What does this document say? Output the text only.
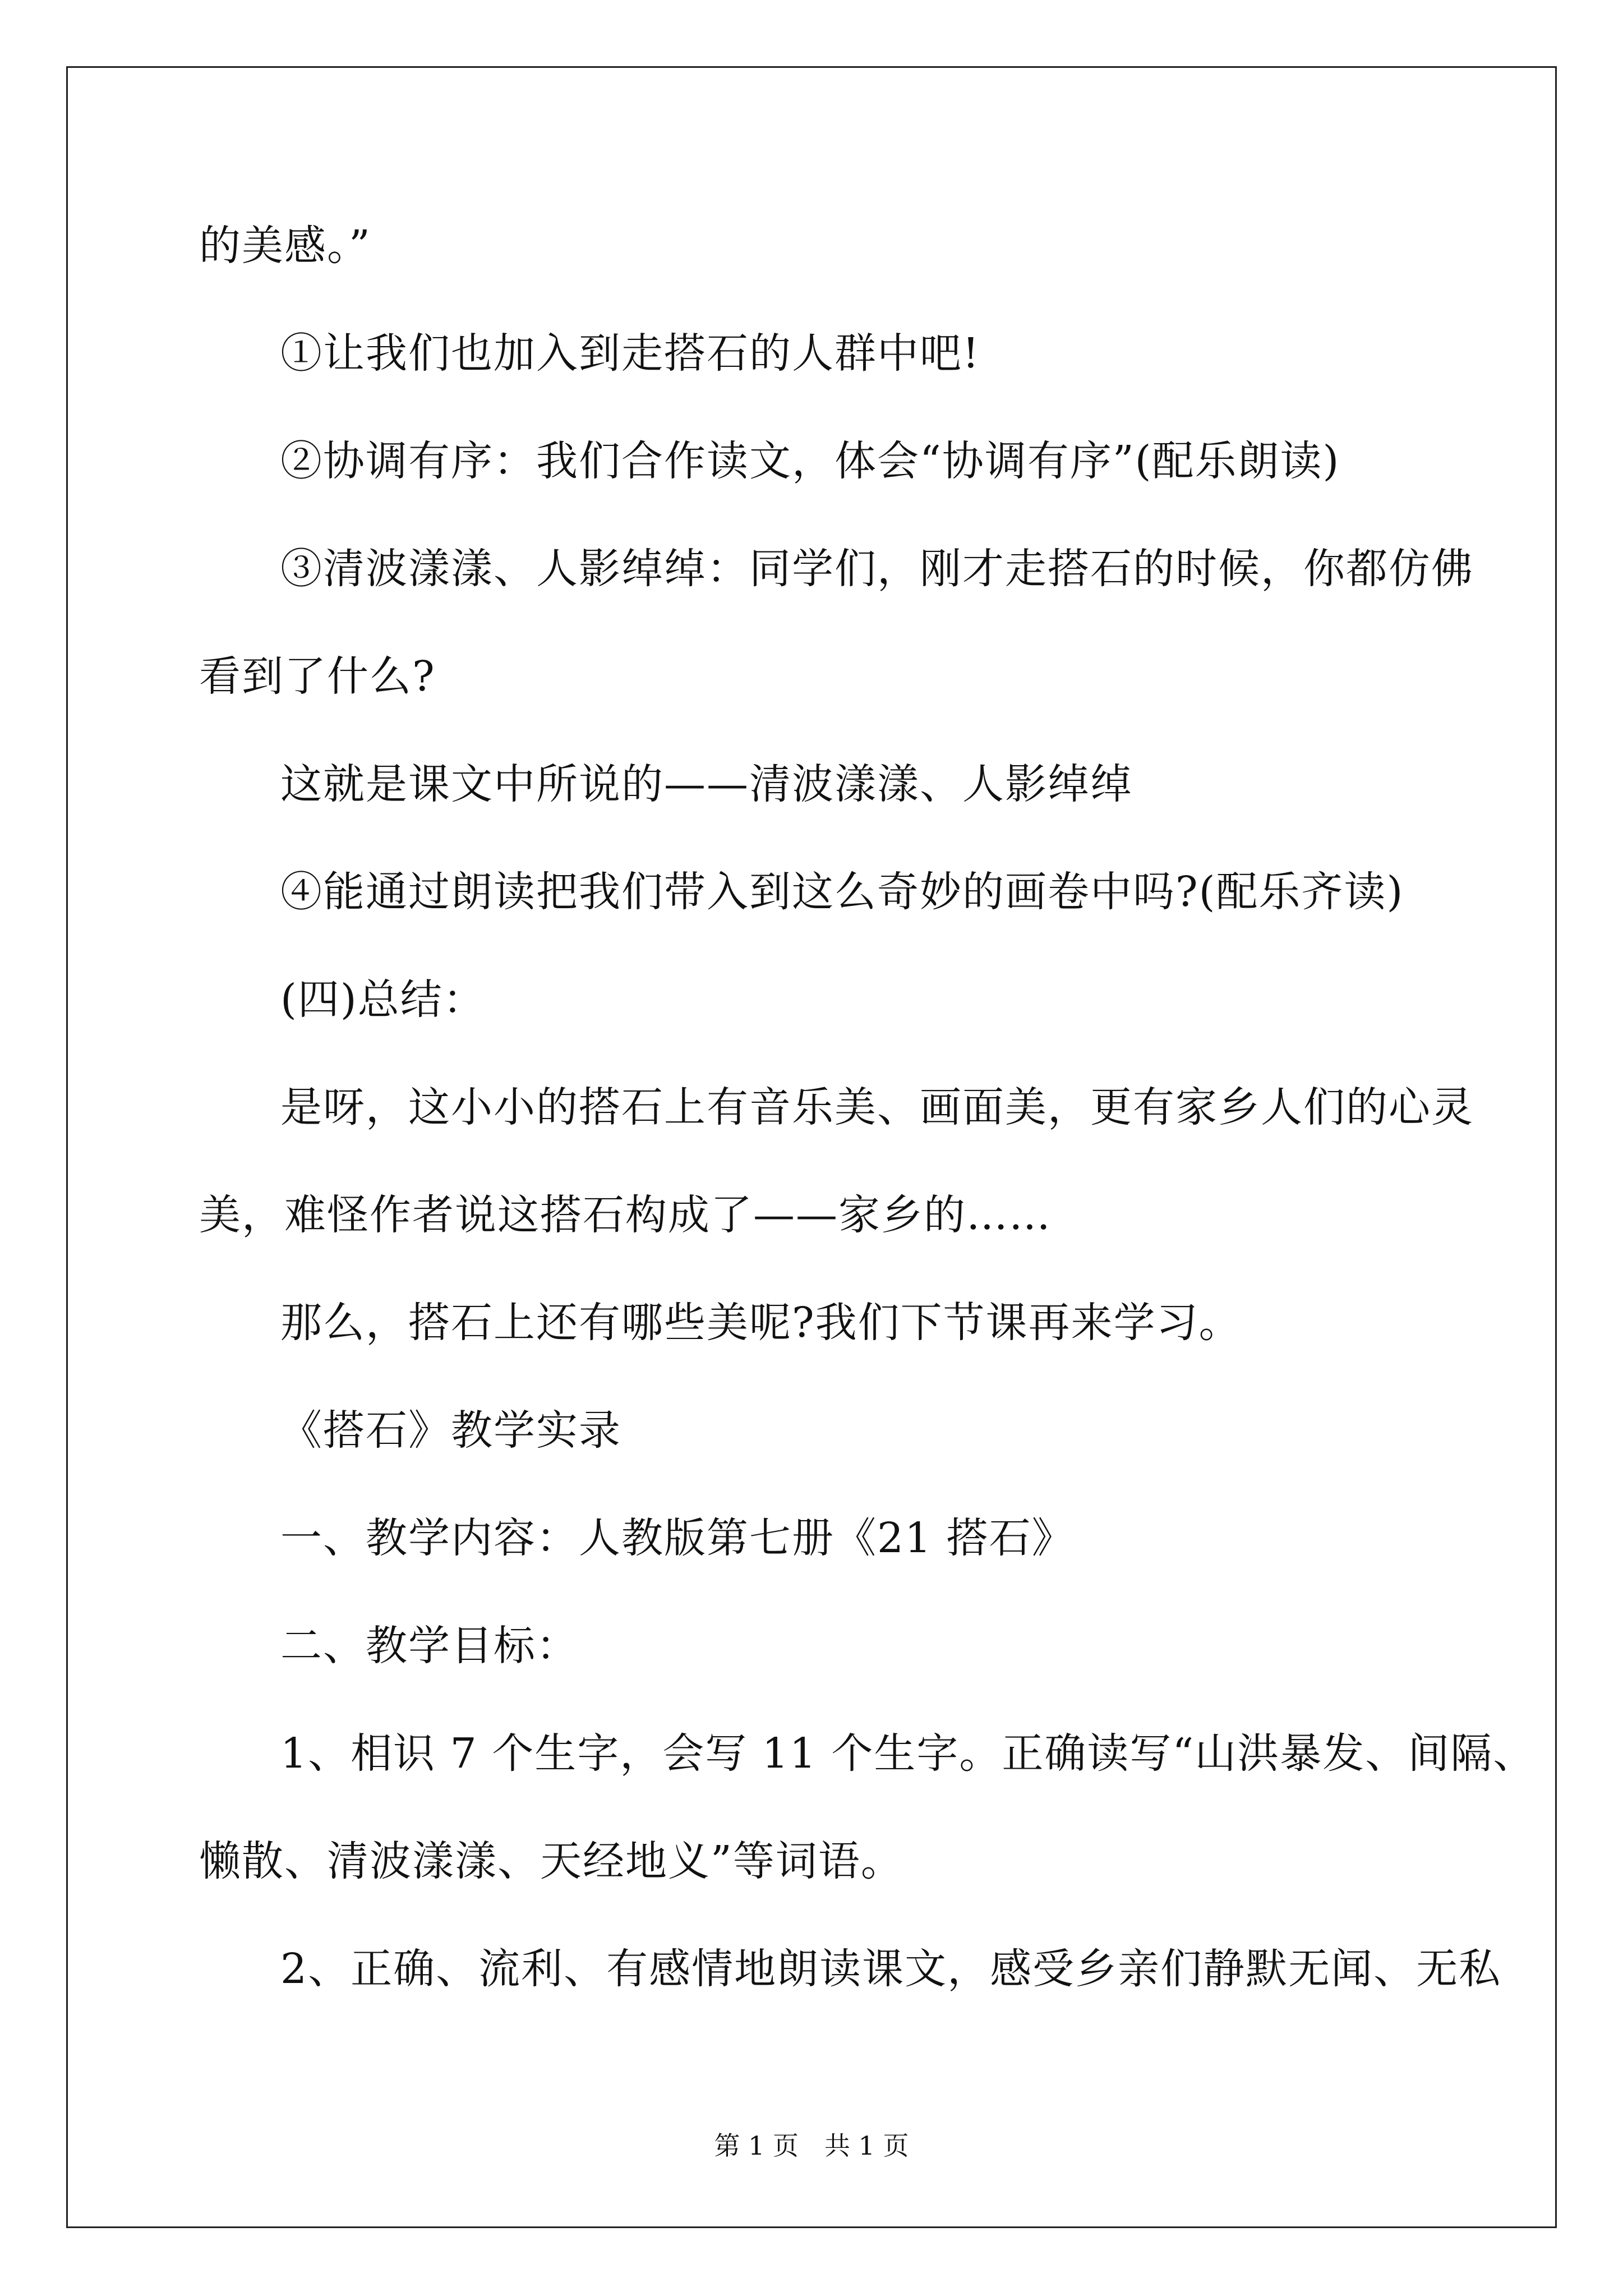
的美感。”
①让我们也加入到走搭石的人群中吧!
②协调有序：我们合作读文，体会“协调有序”(配乐朗读)
③清波漾漾、人影绰绰：同学们，刚才走搭石的时候，你都仿佛
看到了什么?
这就是课文中所说的——清波漾漾、人影绰绰
④能通过朗读把我们带入到这么奇妙的画卷中吗?(配乐齐读)
(四)总结：
是呀，这小小的搭石上有音乐美、画面美，更有家乡人们的心灵
美，难怪作者说这搭石构成了——家乡的……
那么，搭石上还有哪些美呢?我们下节课再来学习。
《搭石》教学实录
一、教学内容：人教版第七册《21 搭石》
二、教学目标：
1、相识 7 个生字，会写 11 个生字。正确读写“山洪暴发、间隔、
懒散、清波漾漾、天经地义”等词语。
2、正确、流利、有感情地朗读课文，感受乡亲们静默无闻、无私
第 1 页　共 1 页
